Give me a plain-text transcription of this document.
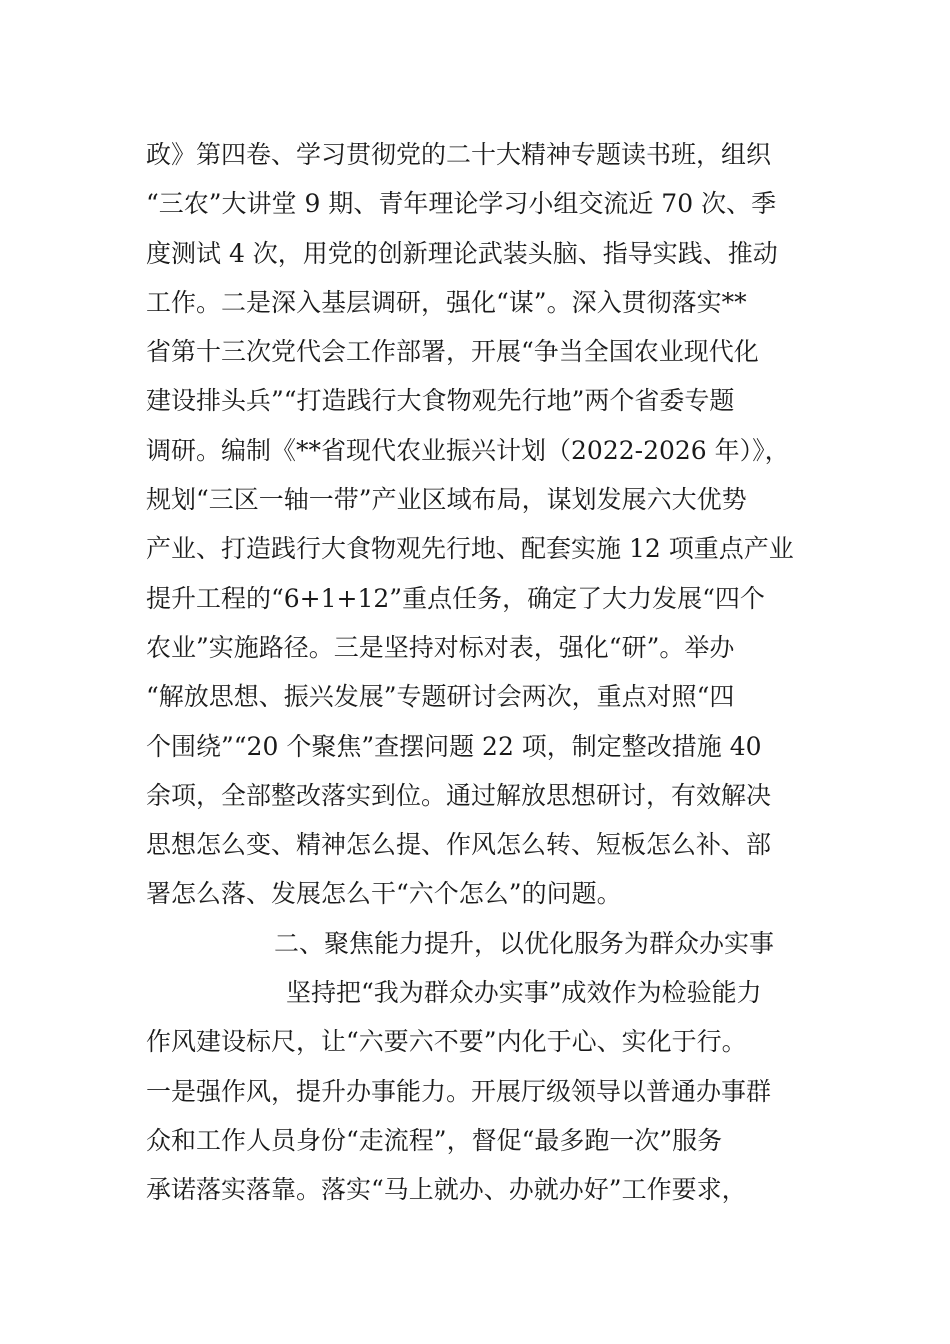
政》第四卷、学习贯彻党的二十大精神专题读书班，组织
“三农”大讲堂 9 期、青年理论学习小组交流近 70 次、季
度测试 4 次，用党的创新理论武装头脑、指导实践、推动
工作。二是深入基层调研，强化“谋”。深入贯彻落实**
省第十三次党代会工作部署，开展“争当全国农业现代化
建设排头兵”“打造践行大食物观先行地”两个省委专题
调研。编制《**省现代农业振兴计划（2022-2026 年）》，
规划“三区一轴一带”产业区域布局，谋划发展六大优势
产业、打造践行大食物观先行地、配套实施 12 项重点产业
提升工程的“6+1+12”重点任务，确定了大力发展“四个
农业”实施路径。三是坚持对标对表，强化“研”。举办
“解放思想、振兴发展”专题研讨会两次，重点对照“四
个围绕”“20 个聚焦”查摆问题 22 项，制定整改措施 40
余项，全部整改落实到位。通过解放思想研讨，有效解决
思想怎么变、精神怎么提、作风怎么转、短板怎么补、部
署怎么落、发展怎么干“六个怎么”的问题。
二、聚焦能力提升，以优化服务为群众办实事
坚持把“我为群众办实事”成效作为检验能力
作风建设标尺，让“六要六不要”内化于心、实化于行。
一是强作风，提升办事能力。开展厅级领导以普通办事群
众和工作人员身份“走流程”，督促“最多跑一次”服务
承诺落实落靠。落实“马上就办、办就办好”工作要求，
